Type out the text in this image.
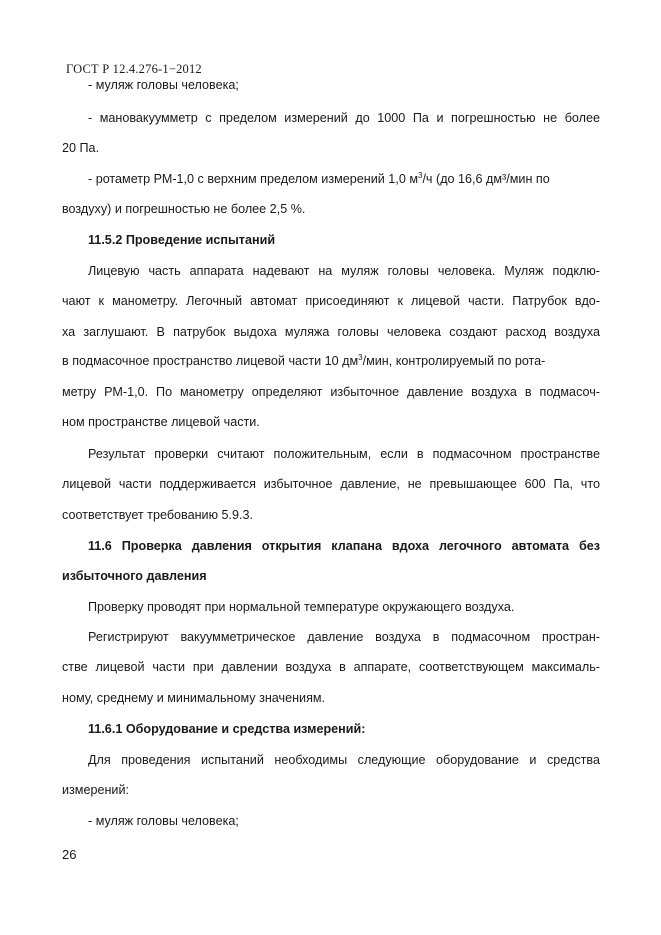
ГОСТ Р 12.4.276-1−2012
- муляж головы человека;
- мановакуумметр с пределом измерений до 1000 Па и погрешностью не более
20 Па.
- ротаметр РМ-1,0 с верхним пределом измерений 1,0 $м^3/ч$ (до 16,6 дм³/мин по
воздуху) и погрешностью не более 2,5 %.
11.5.2 Проведение испытаний
Лицевую часть аппарата надевают на муляж головы человека. Муляж подклю-
чают к манометру. Легочный автомат присоединяют к лицевой части. Патрубок вдо-
ха заглушают. В патрубок выдоха муляжа головы человека создают расход воздуха
в подмасочное пространство лицевой части 10 $дм^3$/мин, контролируемый по рота-
метру РМ-1,0. По манометру определяют избыточное давление воздуха в подмасоч-
ном пространстве лицевой части.
Результат проверки считают положительным, если в подмасочном пространстве
лицевой части поддерживается избыточное давление, не превышающее 600 Па, что
соответствует требованию 5.9.3.
11.6 Проверка давления открытия клапана вдоха легочного автомата без
избыточного давления
Проверку проводят при нормальной температуре окружающего воздуха.
Регистрируют вакуумметрическое давление воздуха в подмасочном простран-
стве лицевой части при давлении воздуха в аппарате, соответствующем максималь-
ному, среднему и минимальному значениям.
11.6.1 Оборудование и средства измерений:
Для проведения испытаний необходимы следующие оборудование и средства
измерений:
- муляж головы человека;
26
